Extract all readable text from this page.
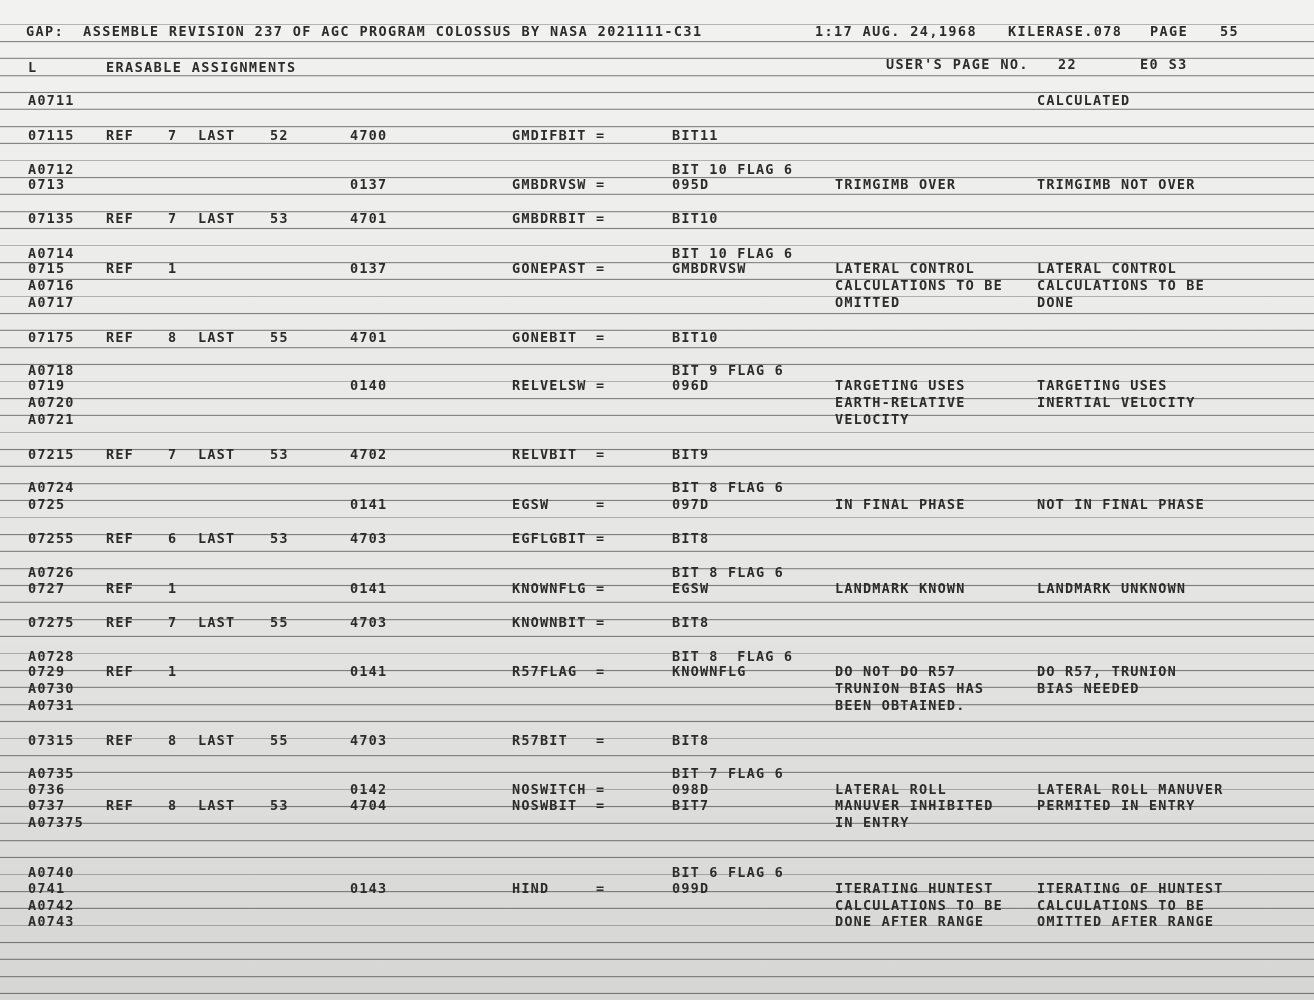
GAP:  ASSEMBLE REVISION 237 OF AGC PROGRAM COLOSSUS BY NASA 2021111-C31	1:17 AUG. 24,1968 KILERASE.078 PAGE 55
L	ERASABLE ASSIGNMENTS	USER'S PAGE NO. 22	E0 S3
A0711	CALCULATED
07115 REF	7 LAST	52	4700	GMDIFBIT =	BIT11
A0712	BIT 10 FLAG 6
0713	0137	GMBDRVSW =	095D	TRIMGIMB OVER	TRIMGIMB NOT OVER
07135 REF	7 LAST	53	4701	GMBDRBIT =	BIT10
A0714	BIT 10 FLAG 6
0715	REF	1	0137	GONEPAST =	GMBDRVSW	LATERAL CONTROL	LATERAL CONTROL
A0716	CALCULATIONS TO BE	CALCULATIONS TO BE
A0717	OMITTED	DONE
07175 REF	8 LAST	55	4701	GONEBIT  =	BIT10
A0718	BIT 9 FLAG 6
0719	0140	RELVELSW =	096D	TARGETING USES	TARGETING USES
A0720	EARTH-RELATIVE	INERTIAL VELOCITY
A0721	VELOCITY
07215 REF	7 LAST	53	4702	RELVBIT  =	BIT9
A0724	BIT 8 FLAG 6
0725	0141	EGSW     =	097D	IN FINAL PHASE	NOT IN FINAL PHASE
07255 REF	6 LAST	53	4703	EGFLGBIT =	BIT8
A0726	BIT 8 FLAG 6
0727	REF	1	0141	KNOWNFLG =	EGSW	LANDMARK KNOWN	LANDMARK UNKNOWN
07275 REF	7 LAST	55	4703	KNOWNBIT =	BIT8
A0728	BIT 8  FLAG 6
0729	REF	1	0141	R57FLAG  =	KNOWNFLG	DO NOT DO R57	DO R57, TRUNION
A0730	TRUNION BIAS HAS	BIAS NEEDED
A0731	BEEN OBTAINED.
07315 REF	8 LAST	55	4703	R57BIT   =	BIT8
A0735	BIT 7 FLAG 6
0736	0142	NOSWITCH =	098D	LATERAL ROLL	LATERAL ROLL MANUVER
0737	REF	8 LAST	53	4704	NOSWBIT  =	BIT7	MANUVER INHIBITED	PERMITED IN ENTRY
A07375	IN ENTRY
A0740	BIT 6 FLAG 6
0741	0143	HIND     =	099D	ITERATING HUNTEST	ITERATING OF HUNTEST
A0742	CALCULATIONS TO BE	CALCULATIONS TO BE
A0743	DONE AFTER RANGE	OMITTED AFTER RANGE
